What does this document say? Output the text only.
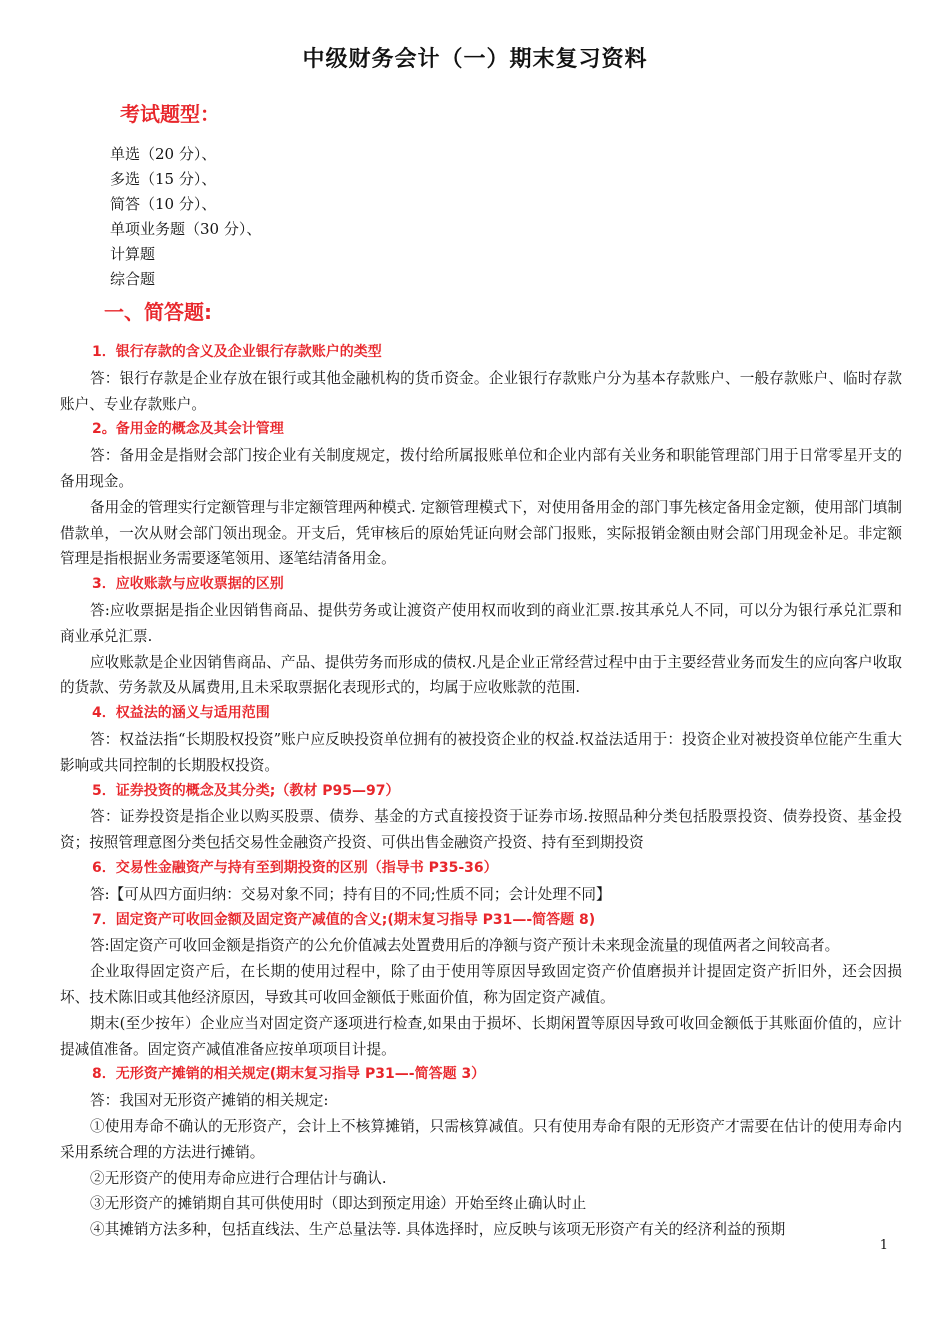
中级财务会计（一）期末复习资料
考试题型：
单选（20 分）、
多选（15 分）、
简答（10 分）、
单项业务题（30 分）、
计算题
综合题
一、简答题:
1．银行存款的含义及企业银行存款账户的类型

答：银行存款是企业存放在银行或其他金融机构的货币资金。企业银行存款账户分为基本存款账户、一般存款账户、临时存款账户、专业存款账户。

2。备用金的概念及其会计管理

答：备用金是指财会部门按企业有关制度规定，拨付给所属报账单位和企业内部有关业务和职能管理部门用于日常零星开支的备用现金。

备用金的管理实行定额管理与非定额管理两种模式. 定额管理模式下，对使用备用金的部门事先核定备用金定额，使用部门填制借款单，一次从财会部门领出现金。开支后，凭审核后的原始凭证向财会部门报账，实际报销金额由财会部门用现金补足。非定额管理是指根据业务需要逐笔领用、逐笔结清备用金。

3．应收账款与应收票据的区别

答:应收票据是指企业因销售商品、提供劳务或让渡资产使用权而收到的商业汇票.按其承兑人不同，可以分为银行承兑汇票和商业承兑汇票.

应收账款是企业因销售商品、产品、提供劳务而形成的债权.凡是企业正常经营过程中由于主要经营业务而发生的应向客户收取的货款、劳务款及从属费用,且未采取票据化表现形式的，均属于应收账款的范围.

4．权益法的涵义与适用范围

答：权益法指“长期股权投资”账户应反映投资单位拥有的被投资企业的权益.权益法适用于：投资企业对被投资单位能产生重大影响或共同控制的长期股权投资。

5．证券投资的概念及其分类;（教材 P95—97）

答：证券投资是指企业以购买股票、债券、基金的方式直接投资于证券市场.按照品种分类包括股票投资、债券投资、基金投资；按照管理意图分类包括交易性金融资产投资、可供出售金融资产投资、持有至到期投资

6．交易性金融资产与持有至到期投资的区别（指导书 P35-36）

答:【可从四方面归纳：交易对象不同；持有目的不同;性质不同；会计处理不同】

7．固定资产可收回金额及固定资产减值的含义;(期末复习指导 P31—-简答题 8)

答:固定资产可收回金额是指资产的公允价值减去处置费用后的净额与资产预计未来现金流量的现值两者之间较高者。

企业取得固定资产后，在长期的使用过程中，除了由于使用等原因导致固定资产价值磨损并计提固定资产折旧外，还会因损坏、技术陈旧或其他经济原因，导致其可收回金额低于账面价值，称为固定资产减值。

期末(至少按年）企业应当对固定资产逐项进行检查,如果由于损坏、长期闲置等原因导致可收回金额低于其账面价值的，应计提减值准备。固定资产减值准备应按单项项目计提。

8．无形资产摊销的相关规定(期末复习指导 P31—-简答题 3）

答：我国对无形资产摊销的相关规定:

①使用寿命不确认的无形资产，会计上不核算摊销，只需核算减值。只有使用寿命有限的无形资产才需要在估计的使用寿命内采用系统合理的方法进行摊销。

②无形资产的使用寿命应进行合理估计与确认.

③无形资产的摊销期自其可供使用时（即达到预定用途）开始至终止确认时止

④其摊销方法多种，包括直线法、生产总量法等. 具体选择时，应反映与该项无形资产有关的经济利益的预期

1
